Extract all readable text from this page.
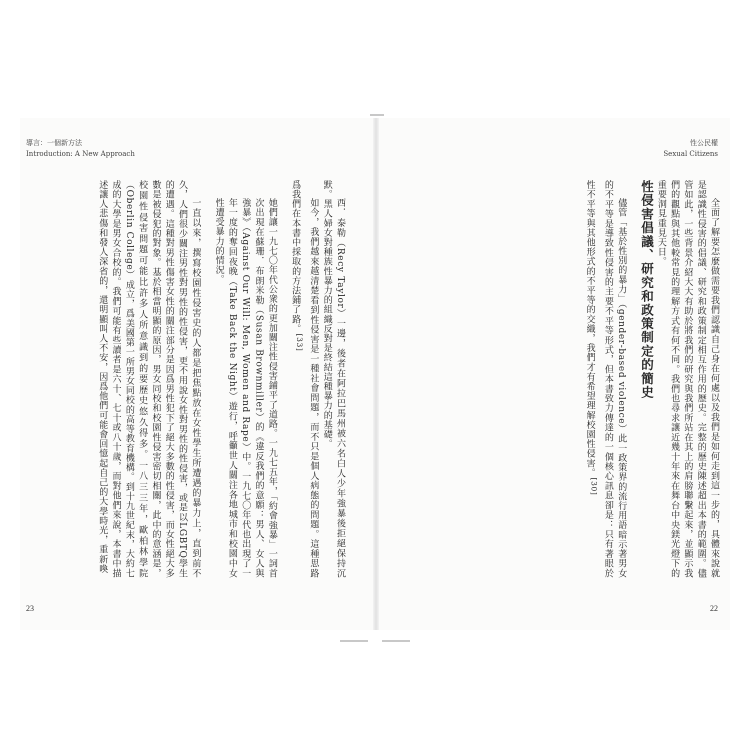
導言：一個新方法
Introduction: A New Approach

西．泰勒（Recy Taylor）一邊，後者在阿拉巴馬州被六名白人少年強暴後拒絕保持沉默。黑人婦女對種族性暴力的組織反對是終結這種暴力的基礎。

如今，我們越來越清楚看到性侵害是一種社會問題，而不只是個人病態的問題。這種思路爲我們在本書中採取的方法鋪了路。[33]

她們讓一九七〇年代公衆的更加關注性侵害鋪平了道路。一九七五年，「約會強暴」一詞首次出現在蘇珊．布朗米勒（Susan Brownmiller）的《違反我們的意願：男人、女人與強暴》（Against Our Will: Men, Women and Rape）中。一九七〇年代也出現了一年一度的奪回夜晚（Take Back the Night）遊行，呼籲世人關注各地城市和校園中女性遭受暴力的情況。

一直以來，撰寫校園性侵害史的人都是把焦點放在女性學生所遭遇的暴力上，直到前不久，人們很少關注男性對男性的性侵害，更不用說女性對男性的性侵害，或是以LGBTQ學生的遭遇。這種對男性傷害女性的關注部分是因爲男性犯下了絕大多數的性侵害，而女性絕大多數是被侵犯的對象。基於相當明顯的原因，男女同校和校園性侵害密切相關，此中的意涵是，校園性侵害問題可能比許多人所意識到的要歷史悠久得多。一八三三年，歐柏林學院（Oberlin College）成立，爲美國第一所男女同校的高等教育機構。到十九世紀末，大約七成的大學是男女合校的。我們可能有些讀者是六十、七十或八十歲，而對他們來說，本書中描述讓人悲傷和發人深省的，還明顯叫人不安，因爲他們可能會回憶起自己的大學時光，重新喚

23
性公民權
Sexual Citizens

全面了解要怎麼做需要我們認識自己身在何處以及我們是如何走到這一步的，具體來說就是認識性侵害的倡議、研究和政策制定相互作用的歷史。完整的歷史陳述超出本書的範圍。儘管如此，一些背景介紹大大有助於將我們的研究與我們所站在其上的肩膀聯繫起來，並顯示我們的觀點與其他較常見的理解方式有何不同。我們也尋求讓近幾十年來在舞台中央鎂光燈下的重要洞見重見天日。

性侵害倡議、研究和政策制定的簡史

儘管「基於性別的暴力」（gender-based violence）此一政策界的流行用語暗示著男女的不平等是導致性侵害的主要不平等形式，但本書致力傳達的一個核心訊息卻是：只有著眼於性不平等與其他形式的不平等的交織，我們才有希望理解校園性侵害。[30]

22
